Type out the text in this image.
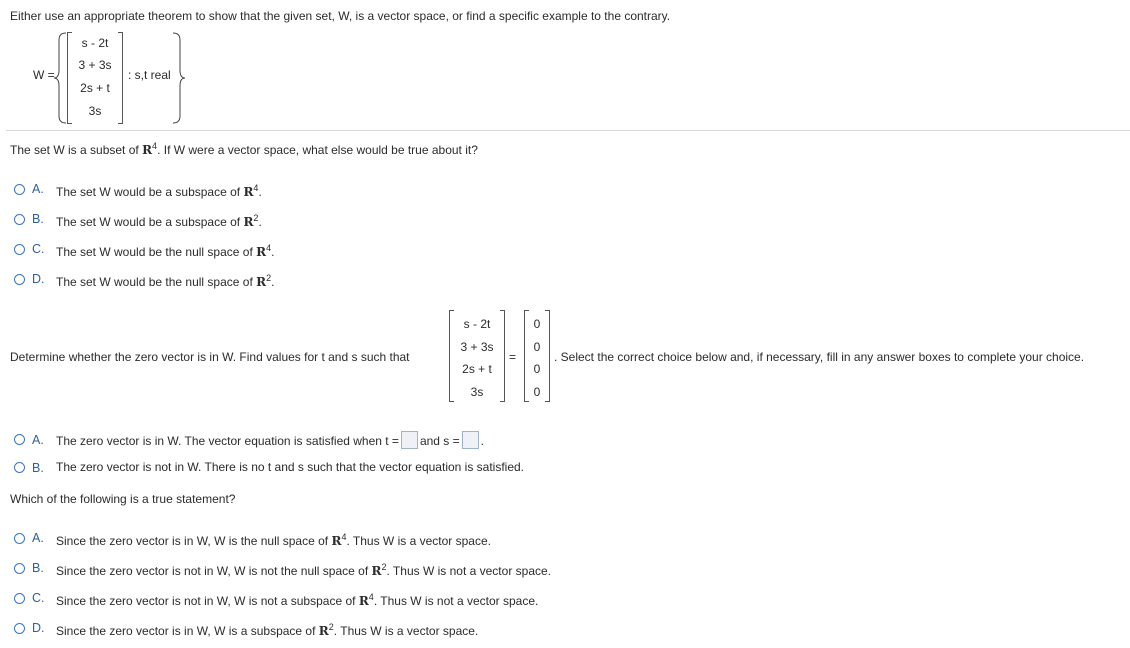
Either use an appropriate theorem to show that the given set, W, is a vector space, or find a specific example to the contrary.
W =
s - 2t
3 + 3s
2s + t
3s
: s,t real
The set W is a subset of $R^4$. If W were a vector space, what else would be true about it?
A. The set W would be a subspace of $R^4$.
B. The set W would be a subspace of $R^2$.
C. The set W would be the null space of $R^4$.
D. The set W would be the null space of $R^2$.
Determine whether the zero vector is in W. Find values for t and s such that
s - 2t
3 + 3s
2s + t
3s
=
0
0
0
0
. Select the correct choice below and, if necessary, fill in any answer boxes to complete your choice.
A. The zero vector is in W. The vector equation is satisfied when t = and s = .
B. The zero vector is not in W. There is no t and s such that the vector equation is satisfied.
Which of the following is a true statement?
A. Since the zero vector is in W, W is the null space of $R^4$. Thus W is a vector space.
B. Since the zero vector is not in W, W is not the null space of $R^2$. Thus W is not a vector space.
C. Since the zero vector is not in W, W is not a subspace of $R^4$. Thus W is not a vector space.
D. Since the zero vector is in W, W is a subspace of $R^2$. Thus W is a vector space.
